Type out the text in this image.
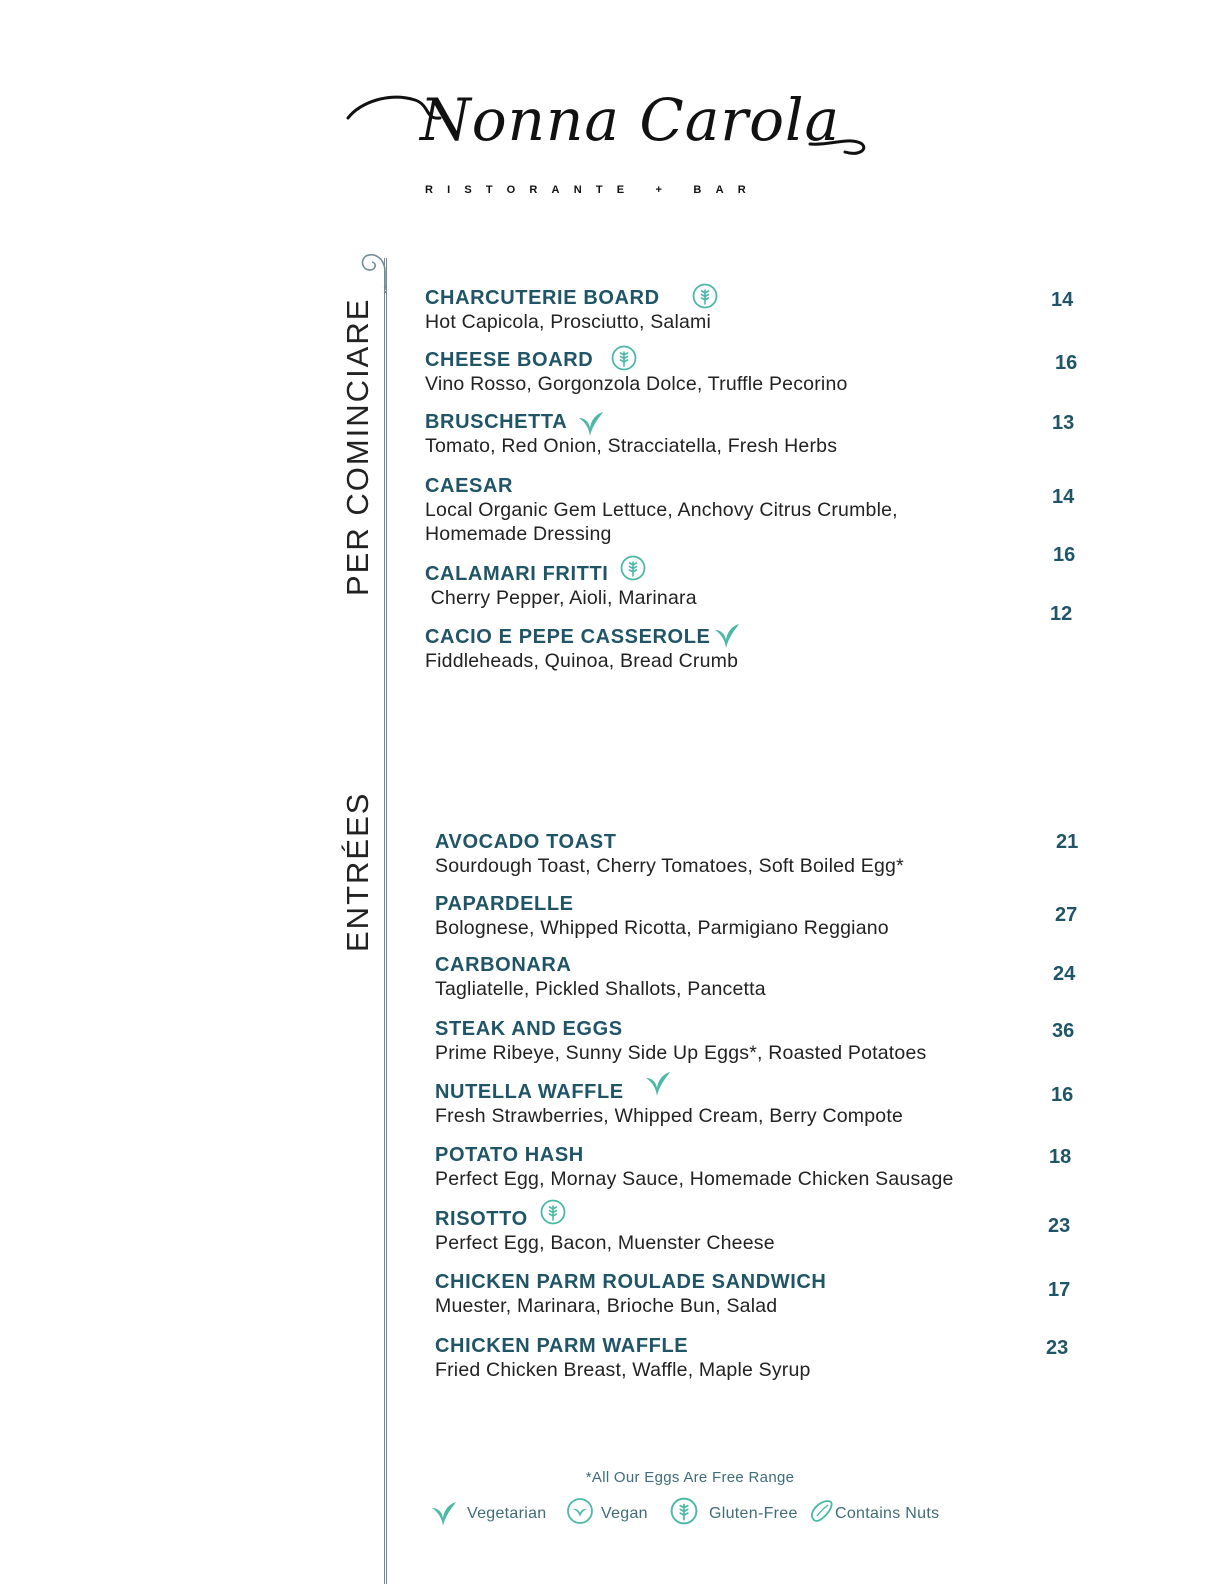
Nonna Carola
RISTORANTE + BAR
PER COMINCIARE
ENTRÉES
CHARCUTERIE BOARD
Hot Capicola, Prosciutto, Salami
14
CHEESE BOARD
Vino Rosso, Gorgonzola Dolce, Truffle Pecorino
16
BRUSCHETTA
Tomato, Red Onion, Stracciatella, Fresh Herbs
13
CAESAR
Local Organic Gem Lettuce, Anchovy Citrus Crumble,
Homemade Dressing
14
CALAMARI FRITTI
Cherry Pepper, Aioli, Marinara
16
CACIO E PEPE CASSEROLE
Fiddleheads, Quinoa, Bread Crumb
12
AVOCADO TOAST
Sourdough Toast, Cherry Tomatoes, Soft Boiled Egg*
21
PAPARDELLE
Bolognese, Whipped Ricotta, Parmigiano Reggiano
27
CARBONARA
Tagliatelle, Pickled Shallots, Pancetta
24
STEAK AND EGGS
Prime Ribeye, Sunny Side Up Eggs*, Roasted Potatoes
36
NUTELLA WAFFLE
Fresh Strawberries, Whipped Cream, Berry Compote
16
POTATO HASH
Perfect Egg, Mornay Sauce, Homemade Chicken Sausage
18
RISOTTO
Perfect Egg, Bacon, Muenster Cheese
23
CHICKEN PARM ROULADE SANDWICH
Muester, Marinara, Brioche Bun, Salad
17
CHICKEN PARM WAFFLE
Fried Chicken Breast, Waffle, Maple Syrup
23
*All Our Eggs Are Free Range
Vegetarian	Vegan	Gluten-Free Contains Nuts
